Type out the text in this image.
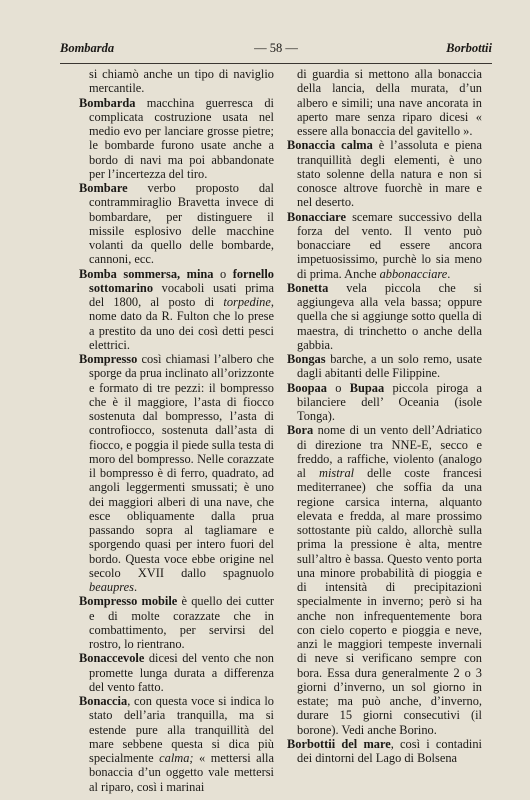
Bombarda	— 58 —	Borbottii

si chiamò anche un tipo di naviglio mercantile.

Bombarda macchina guerresca di complicata costruzione usata nel medio evo per lanciare grosse pietre; le bombarde furono usate anche a bordo di navi ma poi abbandonate per l’incertezza del tiro.

Bombare verbo proposto dal contrammiraglio Bravetta invece di bombardare, per distinguere il missile esplosivo delle macchine volanti da quello delle bombarde, cannoni, ecc.

Bomba sommersa, mina o fornello sottomarino vocaboli usati prima del 1800, al posto di torpedine, nome dato da R. Fulton che lo prese a prestito da uno dei così detti pesci elettrici.

Bompresso così chiamasi l’albero che sporge da prua inclinato all’orizzonte e formato di tre pezzi: il bompresso che è il maggiore, l’asta di fiocco sostenuta dal bompresso, l’asta di controfiocco, sostenuta dall’asta di fiocco, e poggia il piede sulla testa di moro del bompresso. Nelle corazzate il bompresso è di ferro, quadrato, ad angoli leggermenti smussati; è uno dei maggiori alberi di una nave, che esce obliquamente dalla prua passando sopra al tagliamare e sporgendo quasi per intero fuori del bordo. Questa voce ebbe origine nel secolo XVII dallo spagnuolo beaupres.

Bompresso mobile è quello dei cutter e di molte corazzate che in combattimento, per servirsi del rostro, lo rientrano.

Bonaccevole dicesi del vento che non promette lunga durata a differenza del vento fatto.

Bonaccia, con questa voce si indica lo stato dell’aria tranquilla, ma si estende pure alla tranquillità del mare sebbene questa si dica più specialmente calma; « mettersi alla bonaccia d’un oggetto vale mettersi al riparo, così i marinai

di guardia si mettono alla bonaccia della lancia, della murata, d’un albero e simili; una nave ancorata in aperto mare senza riparo dicesi « essere alla bonaccia del gavitello ».

Bonaccia calma è l’assoluta e piena tranquillità degli elementi, è uno stato solenne della natura e non si conosce altrove fuorchè in mare e nel deserto.

Bonacciare scemare successivo della forza del vento. Il vento può bonacciare ed essere ancora impetuosissimo, purchè lo sia meno di prima. Anche abbonacciare.

Bonetta vela piccola che si aggiungeva alla vela bassa; oppure quella che si aggiunge sotto quella di maestra, di trinchetto o anche della gabbia.

Bongas barche, a un solo remo, usate dagli abitanti delle Filippine.

Boopaa o Bupaa piccola piroga a bilanciere dell’ Oceania (isole Tonga).

Bora nome di un vento dell’Adriatico di direzione tra NNE-E, secco e freddo, a raffiche, violento (analogo al mistral delle coste francesi mediterranee) che soffia da una regione carsica interna, alquanto elevata e fredda, al mare prossimo sottostante più caldo, allorchè sulla prima la pressione è alta, mentre sull’altro è bassa. Questo vento porta una minore probabilità di pioggia e di intensità di precipitazioni specialmente in inverno; però si ha anche non infrequentemente bora con cielo coperto e pioggia e neve, anzi le maggiori tempeste invernali di neve si verificano sempre con bora. Essa dura generalmente 2 o 3 giorni d’inverno, un sol giorno in estate; ma può anche, d’inverno, durare 15 giorni consecutivi (il borone). Vedi anche Borino.

Borbottii del mare, così i contadini dei dintorni del Lago di Bolsena
